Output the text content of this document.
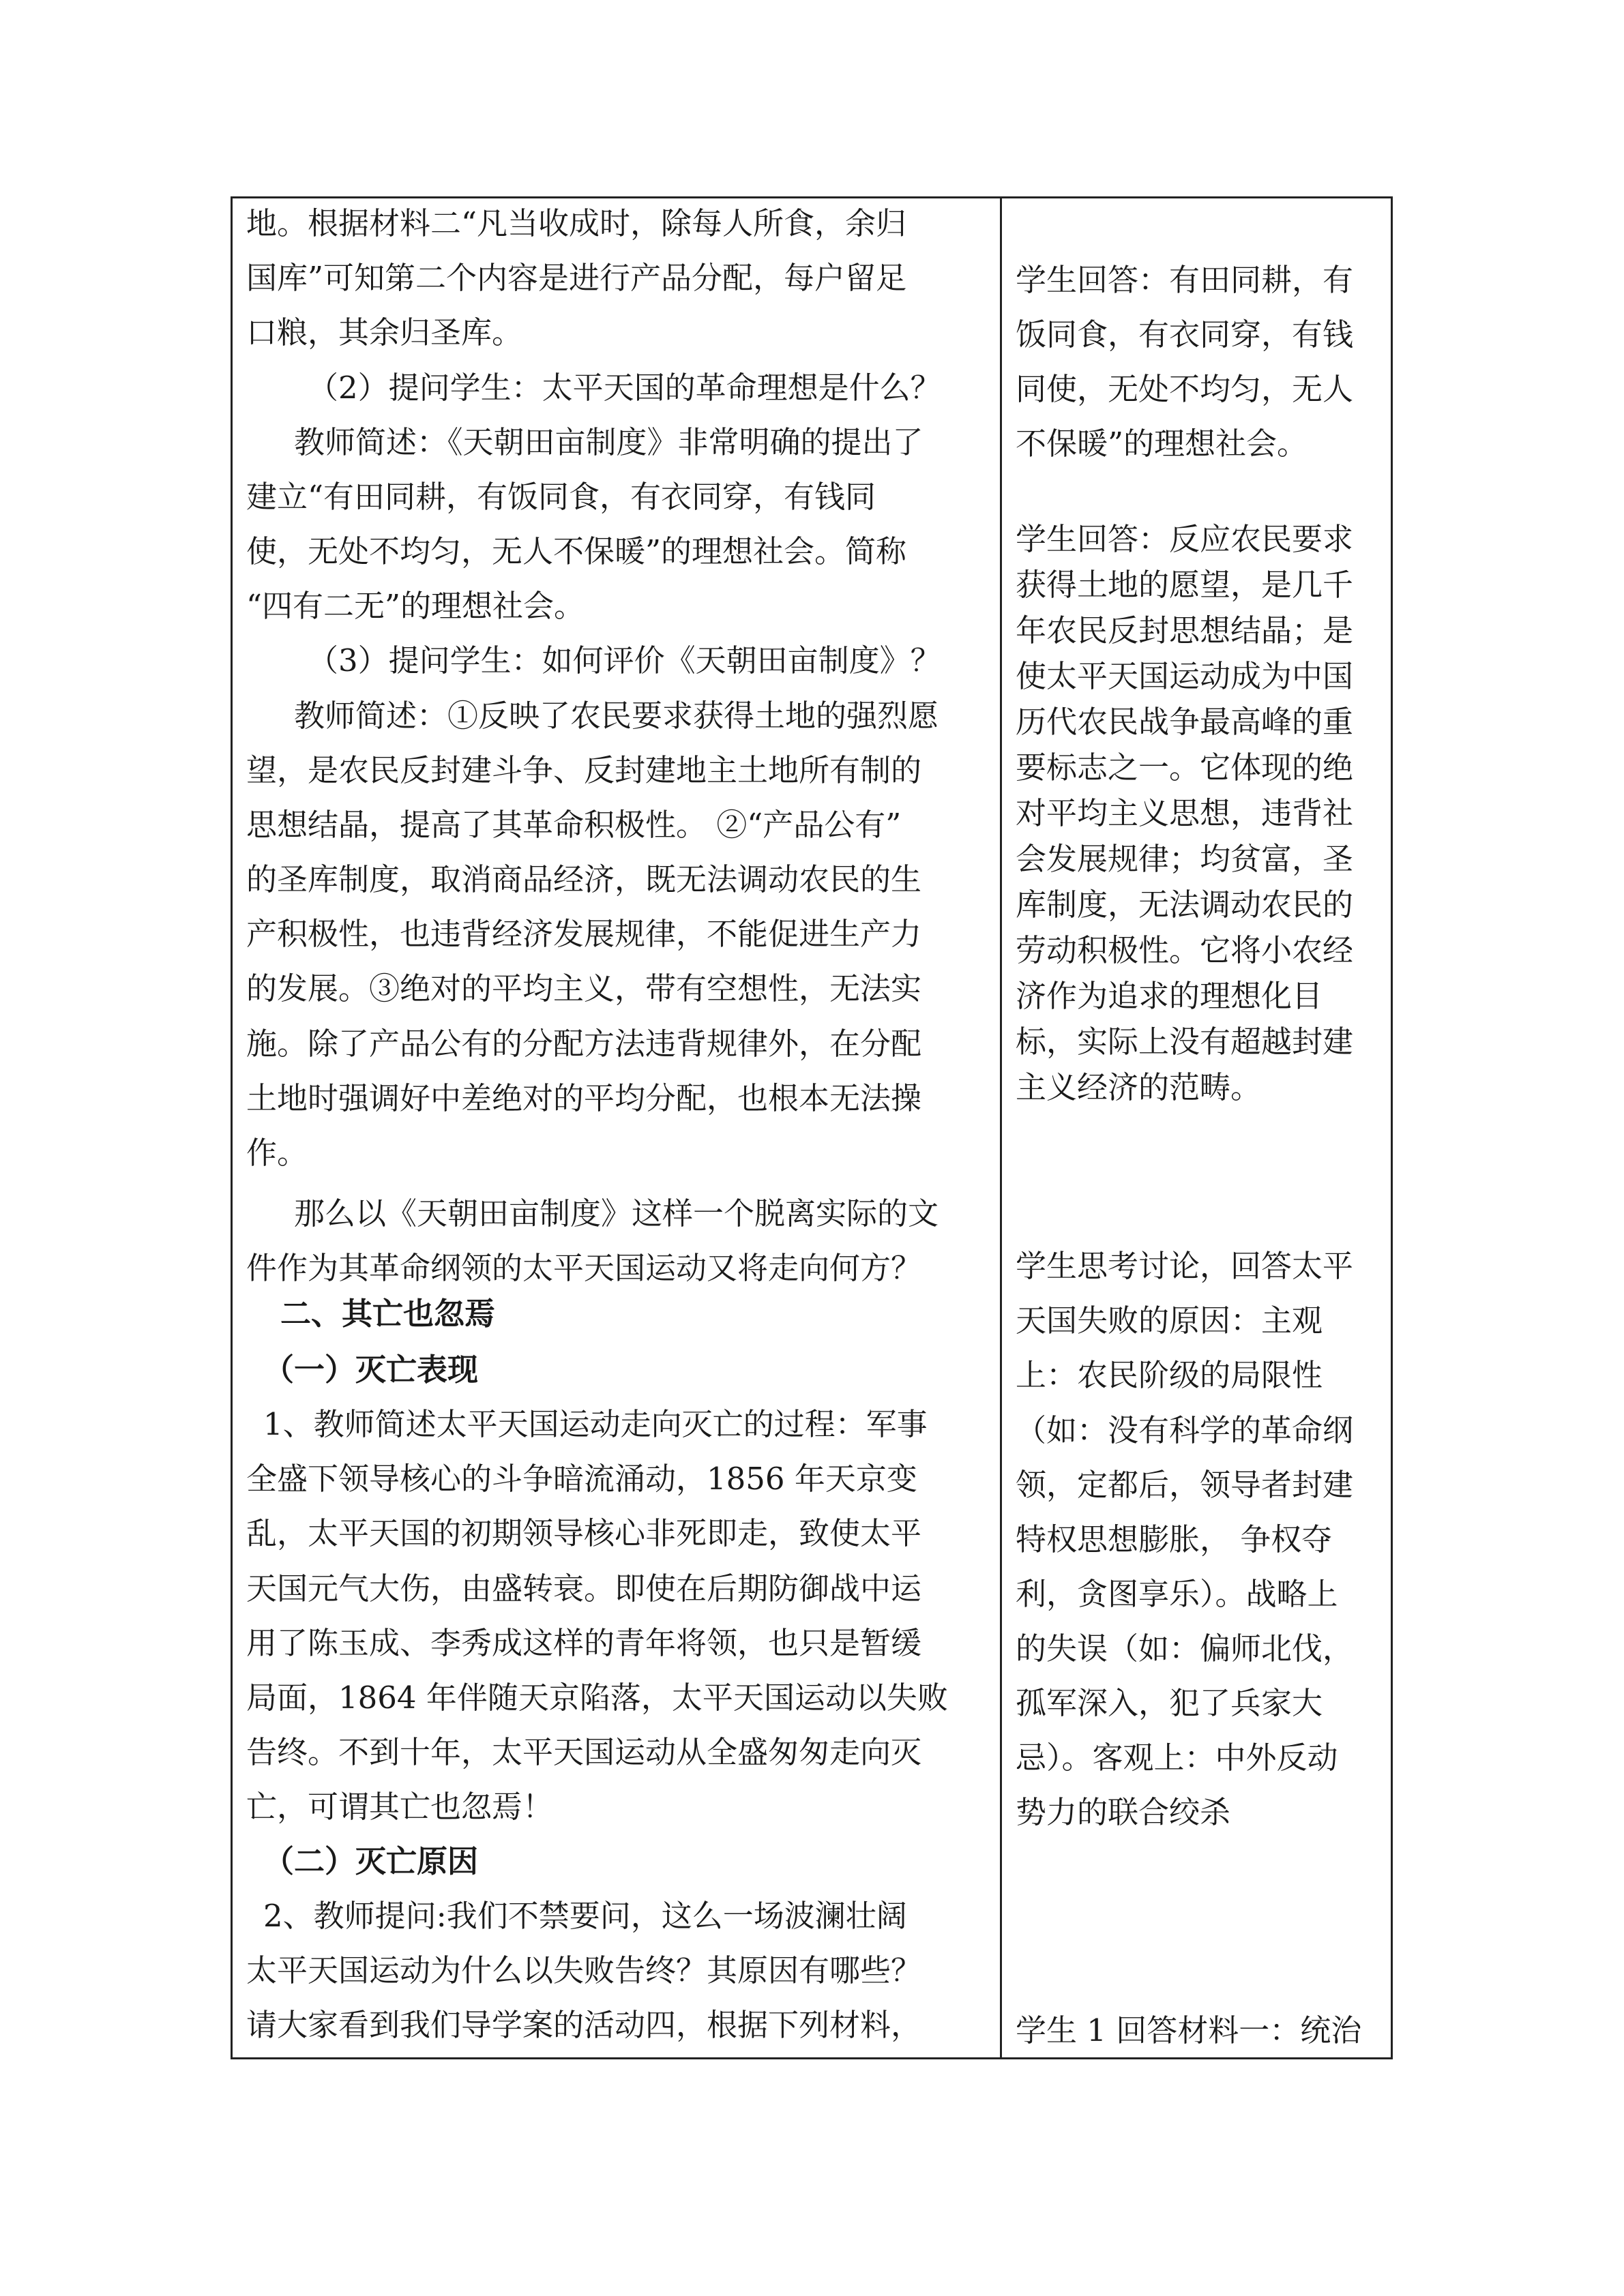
地。根据材料二“凡当收成时，除每人所食，余归
国库”可知第二个内容是进行产品分配，每户留足
口粮，其余归圣库。
（2）提问学生：太平天国的革命理想是什么？
教师简述：《天朝田亩制度》非常明确的提出了
建立“有田同耕，有饭同食，有衣同穿，有钱同
使，无处不均匀，无人不保暖”的理想社会。简称
“四有二无”的理想社会。
（3）提问学生：如何评价《天朝田亩制度》？
教师简述：①反映了农民要求获得土地的强烈愿
望，是农民反封建斗争、反封建地主土地所有制的
思想结晶，提高了其革命积极性。 ②“产品公有”
的圣库制度，取消商品经济，既无法调动农民的生
产积极性，也违背经济发展规律，不能促进生产力
的发展。③绝对的平均主义，带有空想性，无法实
施。除了产品公有的分配方法违背规律外，在分配
土地时强调好中差绝对的平均分配，也根本无法操
作。
那么以《天朝田亩制度》这样一个脱离实际的文
件作为其革命纲领的太平天国运动又将走向何方？
二、其亡也忽焉
（一）灭亡表现
1、教师简述太平天国运动走向灭亡的过程：军事
全盛下领导核心的斗争暗流涌动，1856 年天京变
乱，太平天国的初期领导核心非死即走，致使太平
天国元气大伤，由盛转衰。即使在后期防御战中运
用了陈玉成、李秀成这样的青年将领，也只是暂缓
局面，1864 年伴随天京陷落，太平天国运动以失败
告终。不到十年，太平天国运动从全盛匆匆走向灭
亡，可谓其亡也忽焉！
（二）灭亡原因
2、教师提问:我们不禁要问，这么一场波澜壮阔
太平天国运动为什么以失败告终？其原因有哪些？
请大家看到我们导学案的活动四，根据下列材料，
学生回答：有田同耕，有
饭同食，有衣同穿，有钱
同使，无处不均匀，无人
不保暖”的理想社会。
学生回答：反应农民要求
获得土地的愿望，是几千
年农民反封思想结晶；是
使太平天国运动成为中国
历代农民战争最高峰的重
要标志之一。它体现的绝
对平均主义思想，违背社
会发展规律；均贫富，圣
库制度，无法调动农民的
劳动积极性。它将小农经
济作为追求的理想化目
标，实际上没有超越封建
主义经济的范畴。
学生思考讨论，回答太平
天国失败的原因：主观
上：农民阶级的局限性
（如：没有科学的革命纲
领，定都后，领导者封建
特权思想膨胀， 争权夺
利，贪图享乐）。战略上
的失误（如：偏师北伐，
孤军深入，犯了兵家大
忌）。客观上：中外反动
势力的联合绞杀
学生 1 回答材料一：统治
